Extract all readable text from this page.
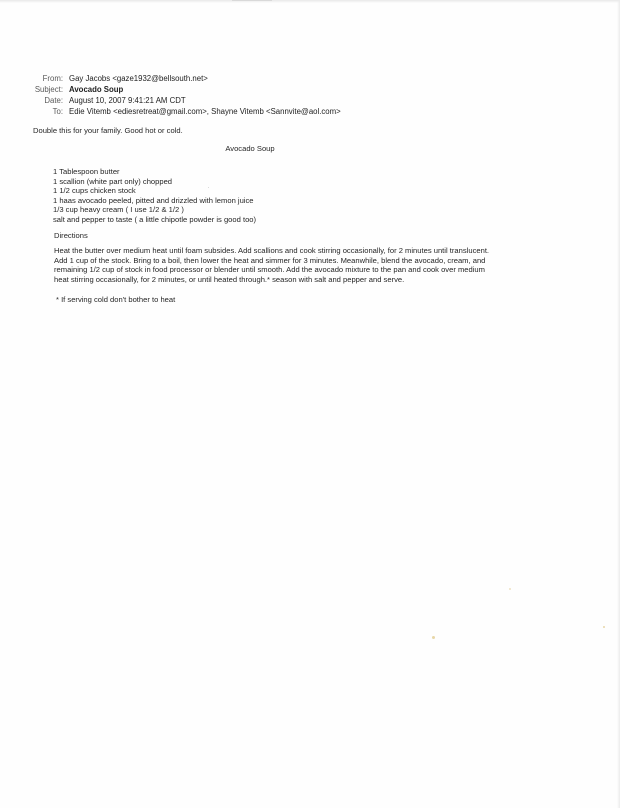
From: Gay Jacobs <gaze1932@bellsouth.net>
Subject: Avocado Soup
Date: August 10, 2007 9:41:21 AM CDT
To: Edie Vitemb <ediesretreat@gmail.com>, Shayne Vitemb <Sannvite@aol.com>
Double this for your family. Good hot or cold.
Avocado Soup
1 Tablespoon butter
1 scallion (white part only) chopped
1 1/2 cups chicken stock
1 haas avocado peeled, pitted and drizzled with lemon juice
1/3 cup heavy cream ( I use 1/2 & 1/2 )
salt and pepper to taste ( a little chipotle powder is good too)
Directions
Heat the butter over medium heat until foam subsides. Add scallions and cook stirring occasionally, for 2 minutes until translucent.
Add 1 cup of the stock. Bring to a boil, then lower the heat and simmer for 3 minutes. Meanwhile, blend the avocado, cream, and
remaining 1/2 cup of stock in food processor or blender until smooth. Add the avocado mixture to the pan and cook over medium
heat stirring occasionally, for 2 minutes, or until heated through.* season with salt and pepper and serve.
* If serving cold don't bother to heat
